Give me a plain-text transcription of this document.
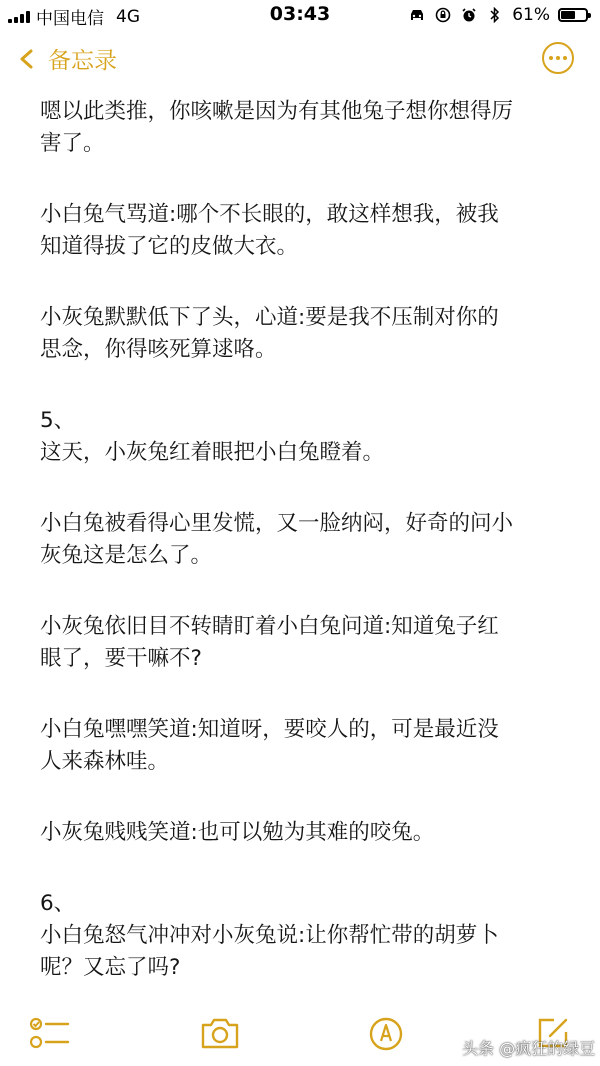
中国电信 4G	03:43	61%
备忘录
嗯以此类推，你咳嗽是因为有其他兔子想你想得厉
害了。
小白兔气骂道:哪个不长眼的，敢这样想我，被我
知道得拔了它的皮做大衣。
小灰兔默默低下了头，心道:要是我不压制对你的
思念，你得咳死算逑咯。
5、
这天，小灰兔红着眼把小白兔瞪着。
小白兔被看得心里发慌，又一脸纳闷，好奇的问小
灰兔这是怎么了。
小灰兔依旧目不转睛盯着小白兔问道:知道兔子红
眼了，要干嘛不?
小白兔嘿嘿笑道:知道呀，要咬人的，可是最近没
人来森林哇。
小灰兔贱贱笑道:也可以勉为其难的咬兔。
6、
小白兔怒气冲冲对小灰兔说:让你帮忙带的胡萝卜
呢？又忘了吗?
头条 @疯狂的绿豆
